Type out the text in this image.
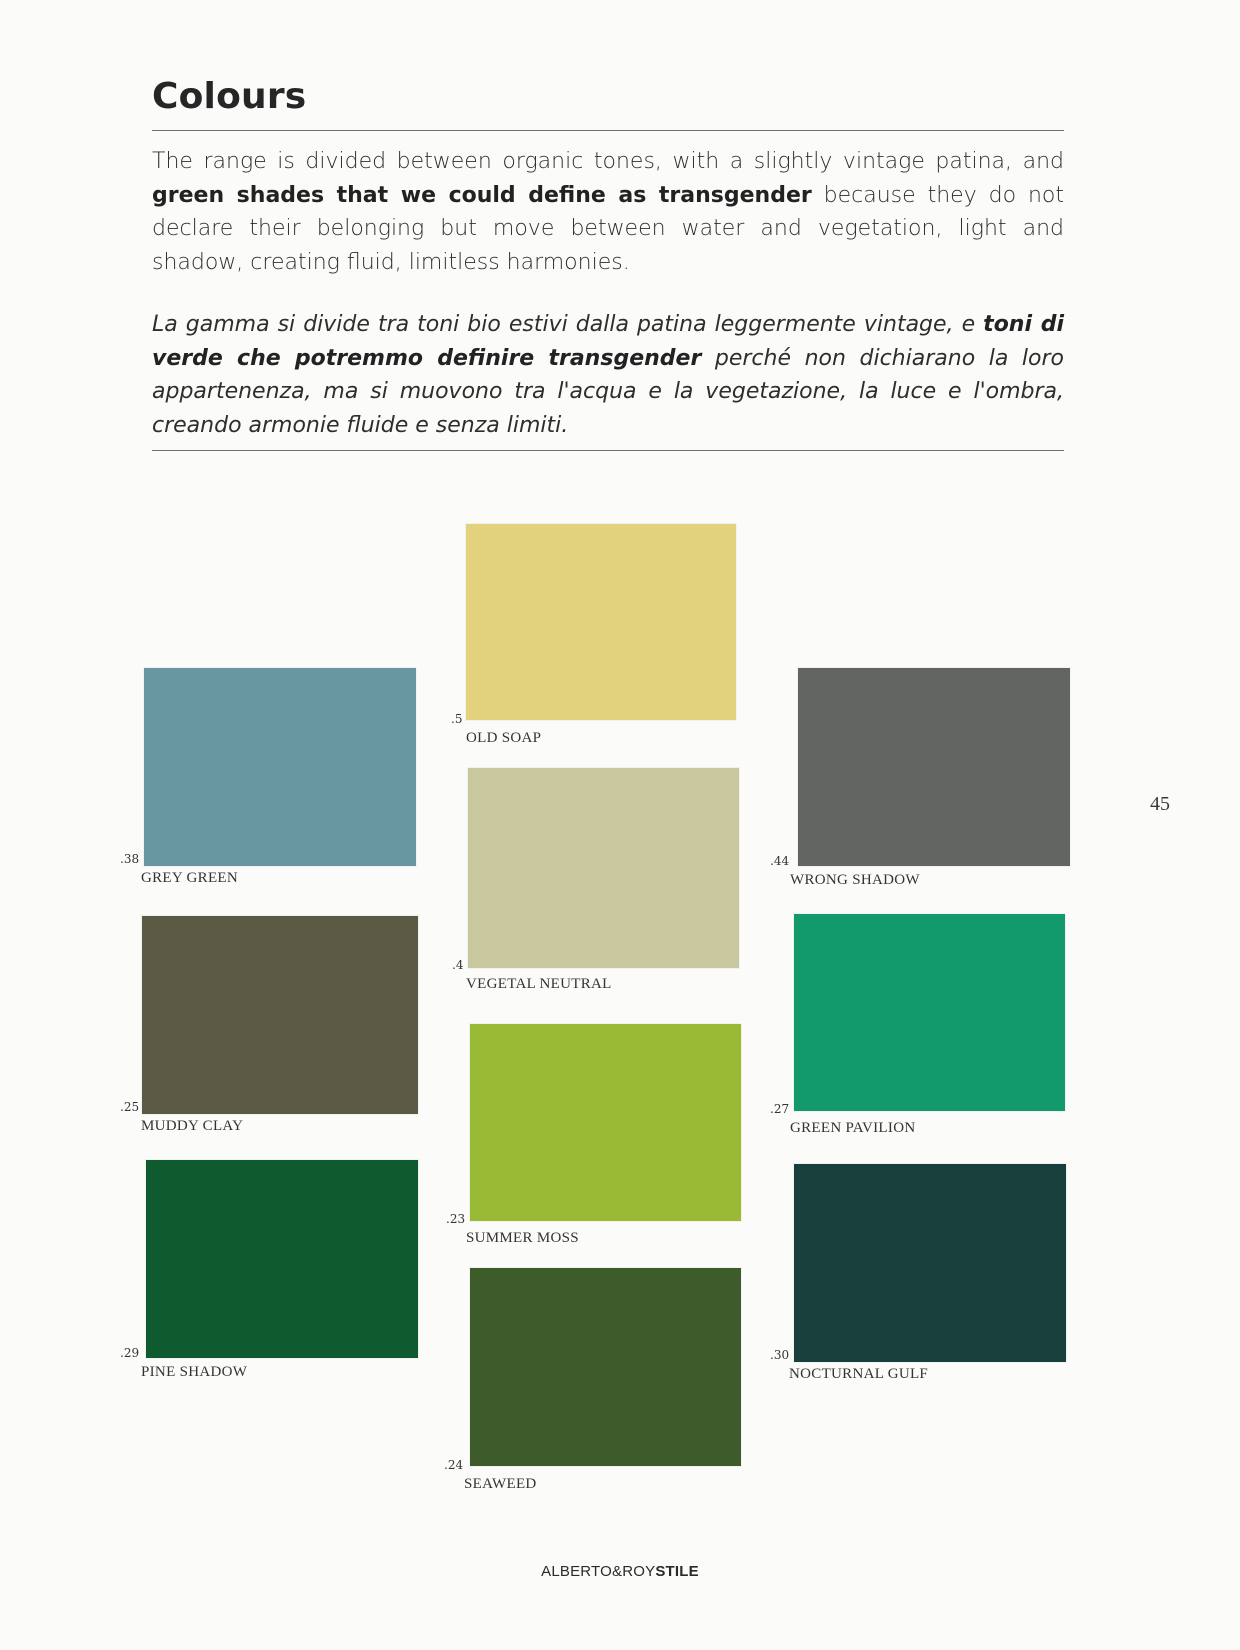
Colours

The range is divided between organic tones, with a slightly vintage patina, and green shades that we could define as transgender because they do not declare their belonging but move between water and vegetation, light and shadow, creating fluid, limitless harmonies.

La gamma si divide tra toni bio estivi dalla patina leggermente vintage, e toni di verde che potremmo definire transgender perché non dichiarano la loro appartenenza, ma si muovono tra l'acqua e la vegetazione, la luce e l'ombra, creando armonie fluide e senza limiti.

.5
OLD SOAP
.4
VEGETAL NEUTRAL
.23
SUMMER MOSS
.24
SEAWEED
.38
GREY GREEN
.25
MUDDY CLAY
.29
PINE SHADOW
.44
WRONG SHADOW
.27
GREEN PAVILION
.30
NOCTURNAL GULF
45
ALBERTO&ROYSTILE
